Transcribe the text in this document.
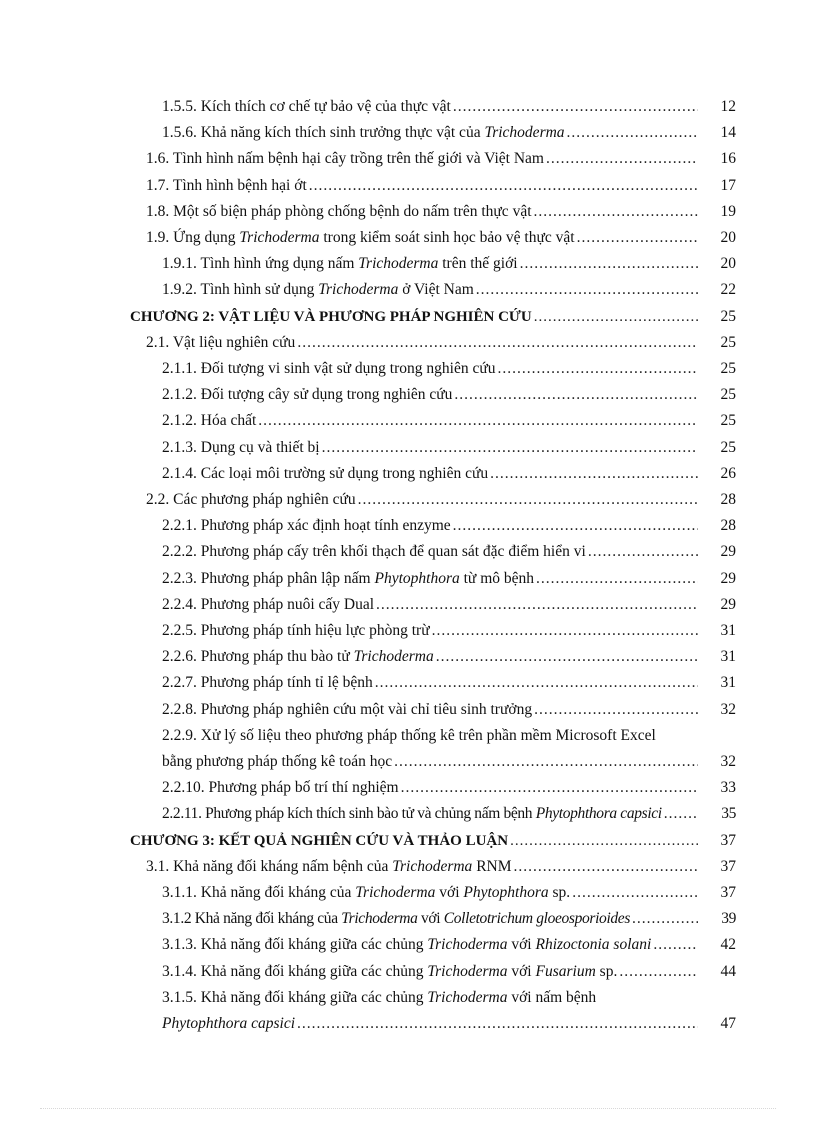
1.5.5. Kích thích cơ chế tự bảo vệ của thực vật .....	12
1.5.6. Khả năng kích thích sinh trưởng thực vật của Trichoderma .....	14
1.6. Tình hình nấm bệnh hại cây trồng trên thế giới và Việt Nam .....	16
1.7. Tình hình bệnh hại ớt .....	17
1.8. Một số biện pháp phòng chống bệnh do nấm trên thực vật .....	19
1.9. Ứng dụng Trichoderma trong kiểm soát sinh học bảo vệ thực vật .....	20
1.9.1. Tình hình ứng dụng nấm Trichoderma trên thế giới .....	20
1.9.2. Tình hình sử dụng Trichoderma ở Việt Nam .....	22
CHƯƠNG 2: VẬT LIỆU VÀ PHƯƠNG PHÁP NGHIÊN CỨU .....	25
2.1. Vật liệu nghiên cứu .....	25
2.1.1. Đối tượng vi sinh vật sử dụng trong nghiên cứu .....	25
2.1.2. Đối tượng cây sử dụng trong nghiên cứu .....	25
2.1.2. Hóa chất .....	25
2.1.3. Dụng cụ và thiết bị .....	25
2.1.4. Các loại môi trường sử dụng trong nghiên cứu .....	26
2.2. Các phương pháp nghiên cứu .....	28
2.2.1. Phương pháp xác định hoạt tính enzyme .....	28
2.2.2. Phương pháp cấy trên khối thạch để quan sát đặc điểm hiển vi .....	29
2.2.3. Phương pháp phân lập nấm Phytophthora từ mô bệnh .....	29
2.2.4. Phương pháp nuôi cấy Dual .....	29
2.2.5. Phương pháp tính hiệu lực phòng trừ .....	31
2.2.6. Phương pháp thu bào tử Trichoderma .....	31
2.2.7. Phương pháp tính tỉ lệ bệnh .....	31
2.2.8. Phương pháp nghiên cứu một vài chỉ tiêu sinh trưởng .....	32
2.2.9. Xử lý số liệu theo phương pháp thống kê trên phần mềm Microsoft Excel
bằng phương pháp thống kê toán học .....	32
2.2.10. Phương pháp bố trí thí nghiệm .....	33
2.2.11. Phương pháp kích thích sinh bào tử và chủng nấm bệnh Phytophthora capsici .....	35
CHƯƠNG 3: KẾT QUẢ NGHIÊN CỨU VÀ THẢO LUẬN .....	37
3.1. Khả năng đối kháng nấm bệnh của Trichoderma RNM .....	37
3.1.1. Khả năng đối kháng của Trichoderma với Phytophthora sp. .....	37
3.1.2 Khả năng đối kháng của Trichoderma với Colletotrichum gloeosporioides .....	39
3.1.3. Khả năng đối kháng giữa các chủng Trichoderma với Rhizoctonia solani .....	42
3.1.4. Khả năng đối kháng giữa các chủng Trichoderma với Fusarium sp. .....	44
3.1.5. Khả năng đối kháng giữa các chủng Trichoderma với nấm bệnh
Phytophthora capsici .....	47
